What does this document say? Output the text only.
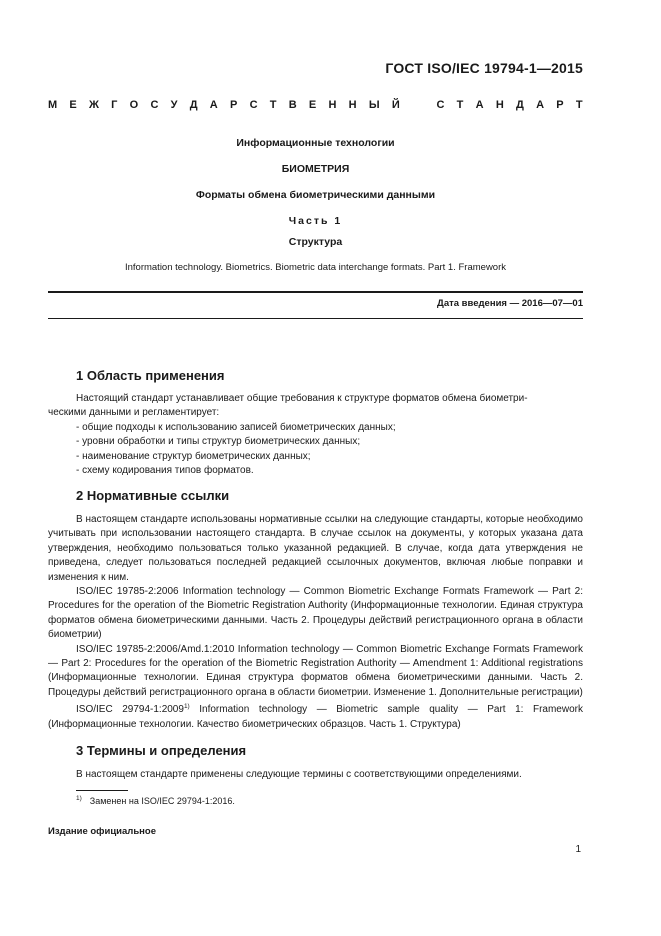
ГОСТ ISO/IEC 19794-1—2015
М Е Ж Г О С У Д А Р С Т В Е Н Н Ы Й	С Т А Н Д А Р Т
Информационные технологии
БИОМЕТРИЯ
Форматы обмена биометрическими данными
Часть 1
Структура
Information technology. Biometrics. Biometric data interchange formats. Part 1. Framework
Дата введения — 2016—07—01
1 Область применения
Настоящий стандарт устанавливает общие требования к структуре форматов обмена биометри-
ческими данными и регламентирует:
- общие подходы к использованию записей биометрических данных;
- уровни обработки и типы структур биометрических данных;
- наименование структур биометрических данных;
- схему кодирования типов форматов.
2 Нормативные ссылки

В настоящем стандарте использованы нормативные ссылки на следующие стандарты, которые необходимо учитывать при использовании настоящего стандарта. В случае ссылок на документы, у которых указана дата утверждения, необходимо пользоваться только указанной редакцией. В случае, когда дата утверждения не приведена, следует пользоваться последней редакцией ссылочных документов, включая любые поправки и изменения к ним.

ISO/IEC 19785-2:2006 Information technology — Common Biometric Exchange Formats Framework — Part 2: Procedures for the operation of the Biometric Registration Authority (Информационные технологии. Единая структура форматов обмена биометрическими данными. Часть 2. Процедуры действий регистрационного органа в области биометрии)

ISO/IEC 19785-2:2006/Amd.1:2010 Information technology — Common Biometric Exchange Formats Framework — Part 2: Procedures for the operation of the Biometric Registration Authority — Amendment 1: Additional registrations (Информационные технологии. Единая структура форматов обмена биометрическими данными. Часть 2. Процедуры действий регистрационного органа в области биометрии. Изменение 1. Дополнительные регистрации)

ISO/IEC 29794-1:2009$^{1)}$ Information technology — Biometric sample quality — Part 1: Framework (Информационные технологии. Качество биометрических образцов. Часть 1. Структура)

3 Термины и определения
В настоящем стандарте применены следующие термины с соответствующими определениями.
$^{1)}$ Заменен на ISO/IEC 29794-1:2016.
Издание официальное
1
